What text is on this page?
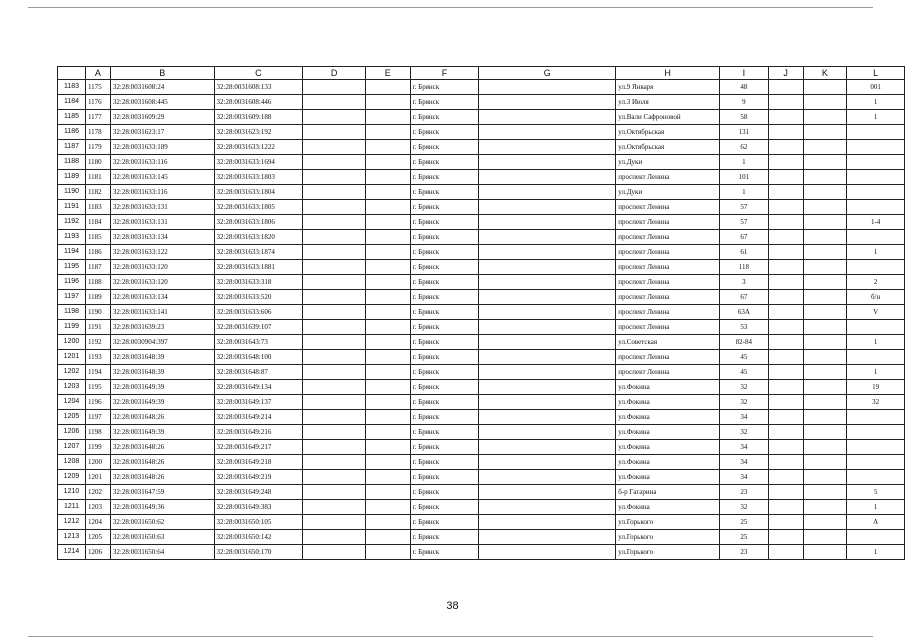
	A	B	C	D	E	F	G	H	I	J	K	L
1183	1175	32:28:0031608:24	32:28:0031608:133			г. Брянск		ул.9 Января	48			001
1184	1176	32:28:0031608:445	32:28:0031608:446			г. Брянск		ул.3 Июля	9			1
1185	1177	32:28:0031609:29	32:28:0031609:188			г. Брянск		ул.Вали Сафроновой	58			1
1186	1178	32:28:0031623:17	32:28:0031623:192			г. Брянск		ул.Октябрьская	131			
1187	1179	32:28:0031633:189	32:28:0031633:1222			г. Брянск		ул.Октябрьская	62			
1188	1180	32:28:0031633:116	32:28:0031633:1694			г. Брянск		ул.Дуки	1			
1189	1181	32:28:0031633:145	32:28:0031633:1803			г. Брянск		проспект Ленина	101			
1190	1182	32:28:0031633:116	32:28:0031633:1804			г. Брянск		ул.Дуки	1			
1191	1183	32:28:0031633:131	32:28:0031633:1805			г. Брянск		проспект Ленина	57			
1192	1184	32:28:0031633:131	32:28:0031633:1806			г. Брянск		проспект Ленина	57			1-4
1193	1185	32:28:0031633:134	32:28:0031633:1820			г. Брянск		проспект Ленина	67			
1194	1186	32:28:0031633:122	32:28:0031633:1874			г. Брянск		проспект Ленина	61			1
1195	1187	32:28:0031633:120	32:28:0031633:1881			г. Брянск		проспект Ленина	118			
1196	1188	32:28:0031633:120	32:28:0031633:318			г. Брянск		проспект Ленина	3			2
1197	1189	32:28:0031633:134	32:28:0031633:520			г. Брянск		проспект Ленина	67			б/н
1198	1190	32:28:0031633:141	32:28:0031633:606			г. Брянск		проспект Ленина	63А			V
1199	1191	32:28:0031639:23	32:28:0031639:107			г. Брянск		проспект Ленина	53			
1200	1192	32:28:0030904:397	32:28:0031643:73			г. Брянск		ул.Советская	82-84			1
1201	1193	32:28:0031648:39	32:28:0031648:100			г. Брянск		проспект Ленина	45			
1202	1194	32:28:0031648:39	32:28:0031648:87			г. Брянск		проспект Ленина	45			1
1203	1195	32:28:0031649:39	32:28:0031649:134			г. Брянск		ул.Фокина	32			19
1204	1196	32:28:0031649:39	32:28:0031649:137			г. Брянск		ул.Фокина	32			32
1205	1197	32:28:0031648:26	32:28:0031649:214			г. Брянск		ул.Фокина	34			
1206	1198	32:28:0031649:39	32:28:0031649:216			г. Брянск		ул.Фокина	32			
1207	1199	32:28:0031648:26	32:28:0031649:217			г. Брянск		ул.Фокина	34			
1208	1200	32:28:0031648:26	32:28:0031649:218			г. Брянск		ул.Фокина	34			
1209	1201	32:28:0031648:26	32:28:0031649:219			г. Брянск		ул.Фокина	34			
1210	1202	32:28:0031647:59	32:28:0031649:248			г. Брянск		б-р Гагарина	23			5
1211	1203	32:28:0031649:36	32:28:0031649:383			г. Брянск		ул.Фокина	32			1
1212	1204	32:28:0031650:62	32:28:0031650:105			г. Брянск		ул.Горького	25			А
1213	1205	32:28:0031650:63	32:28:0031650:142			г. Брянск		ул.Горького	25			
1214	1206	32:28:0031650:64	32:28:0031650:170			г. Брянск		ул.Горького	23			1
38
